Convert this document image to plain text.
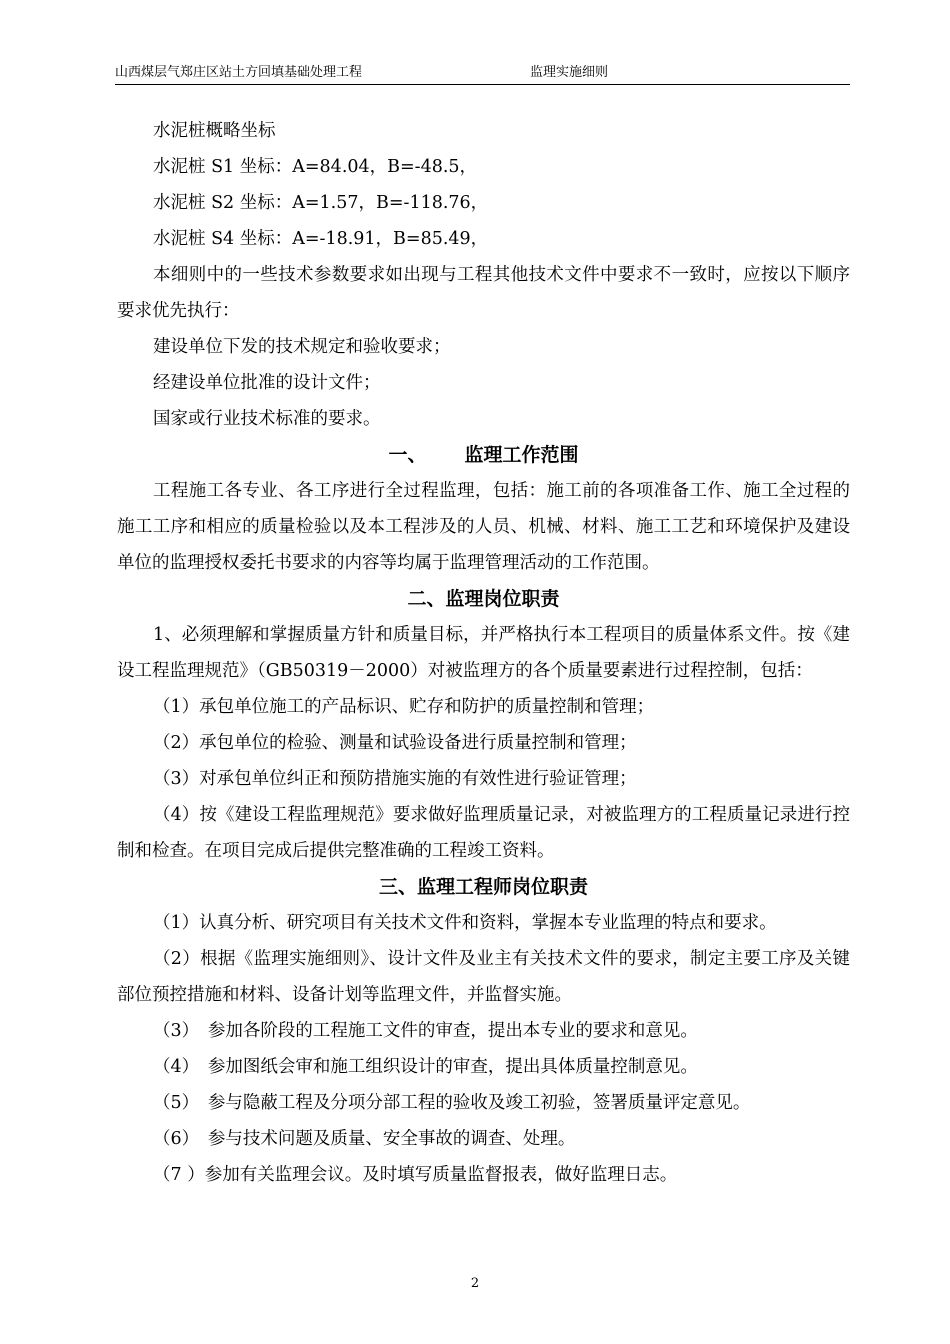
山西煤层气郑庄区站土方回填基础处理工程	监理实施细则

水泥桩概略坐标

水泥桩 S1 坐标：A=84.04，B=-48.5，

水泥桩 S2 坐标：A=1.57，B=-118.76，

水泥桩 S4 坐标：A=-18.91，B=85.49，

本细则中的一些技术参数要求如出现与工程其他技术文件中要求不一致时，应按以下顺序要求优先执行：

建设单位下发的技术规定和验收要求；

经建设单位批准的设计文件；

国家或行业技术标准的要求。

一、 监理工作范围

工程施工各专业、各工序进行全过程监理，包括：施工前的各项准备工作、施工全过程的施工工序和相应的质量检验以及本工程涉及的人员、机械、材料、施工工艺和环境保护及建设单位的监理授权委托书要求的内容等均属于监理管理活动的工作范围。

二、监理岗位职责

1、必须理解和掌握质量方针和质量目标，并严格执行本工程项目的质量体系文件。按《建设工程监理规范》（GB50319－2000）对被监理方的各个质量要素进行过程控制，包括：

（1）承包单位施工的产品标识、贮存和防护的质量控制和管理；

（2）承包单位的检验、测量和试验设备进行质量控制和管理；

（3）对承包单位纠正和预防措施实施的有效性进行验证管理；

（4）按《建设工程监理规范》要求做好监理质量记录，对被监理方的工程质量记录进行控制和检查。在项目完成后提供完整准确的工程竣工资料。

三、监理工程师岗位职责

（1）认真分析、研究项目有关技术文件和资料，掌握本专业监理的特点和要求。

（2）根据《监理实施细则》、设计文件及业主有关技术文件的要求，制定主要工序及关键部位预控措施和材料、设备计划等监理文件，并监督实施。

（3）　参加各阶段的工程施工文件的审查，提出本专业的要求和意见。

（4）　参加图纸会审和施工组织设计的审查，提出具体质量控制意见。

（5）　参与隐蔽工程及分项分部工程的验收及竣工初验，签署质量评定意见。

（6）　参与技术问题及质量、安全事故的调查、处理。

（7 ）参加有关监理会议。及时填写质量监督报表，做好监理日志。

2
